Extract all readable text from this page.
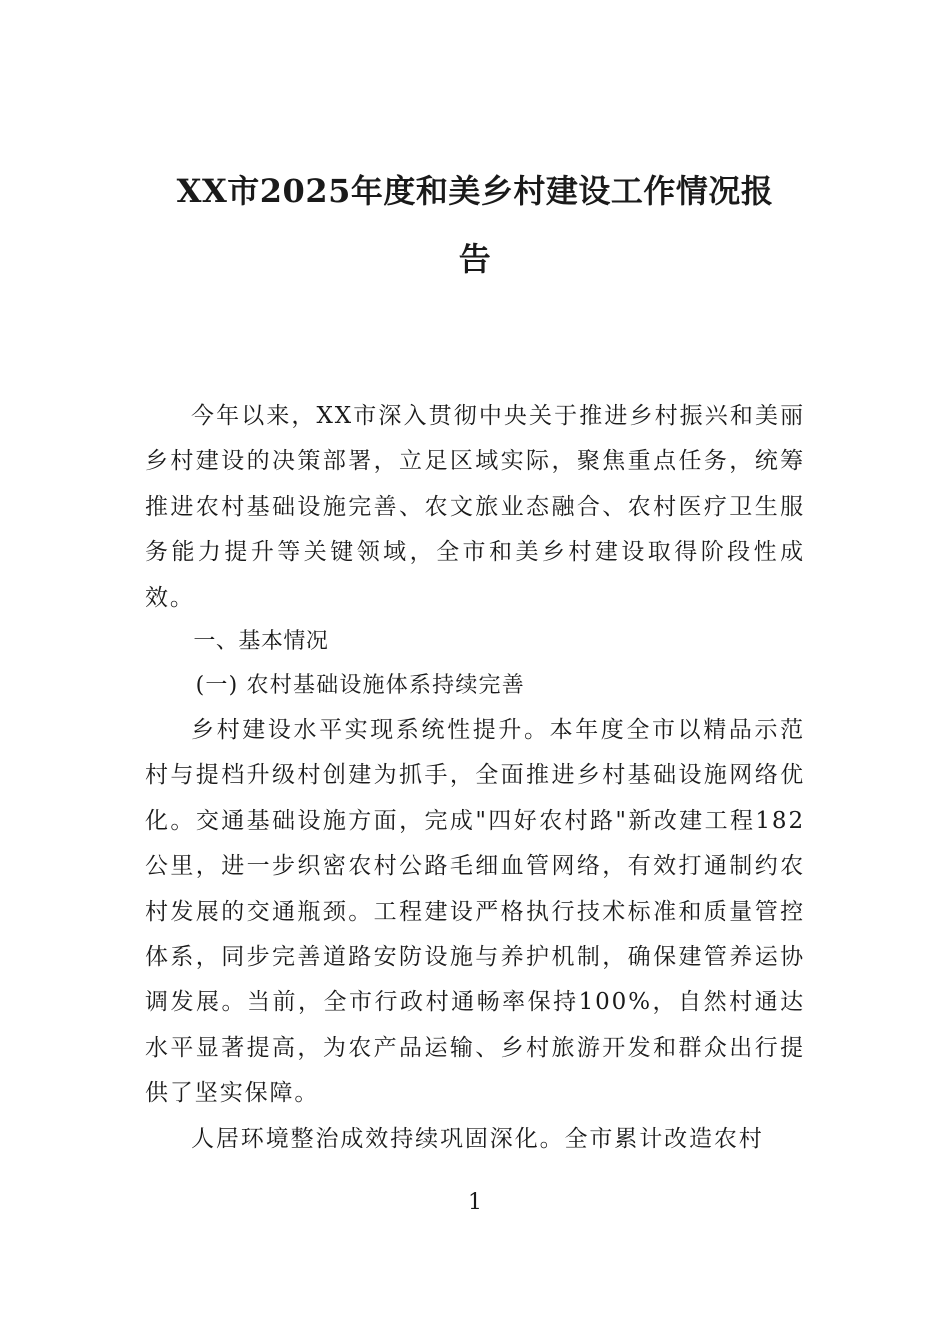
XX市2025年度和美乡村建设工作情况报
告

今年以来，XX市深入贯彻中央关于推进乡村振兴和美丽乡村建设的决策部署，立足区域实际，聚焦重点任务，统筹推进农村基础设施完善、农文旅业态融合、农村医疗卫生服务能力提升等关键领域，全市和美乡村建设取得阶段性成效。

一、基本情况

(一) 农村基础设施体系持续完善

乡村建设水平实现系统性提升。本年度全市以精品示范村与提档升级村创建为抓手，全面推进乡村基础设施网络优化。交通基础设施方面，完成"四好农村路"新改建工程182公里，进一步织密农村公路毛细血管网络，有效打通制约农村发展的交通瓶颈。工程建设严格执行技术标准和质量管控体系，同步完善道路安防设施与养护机制，确保建管养运协调发展。当前，全市行政村通畅率保持100%，自然村通达水平显著提高，为农产品运输、乡村旅游开发和群众出行提供了坚实保障。

人居环境整治成效持续巩固深化。全市累计改造农村

1
